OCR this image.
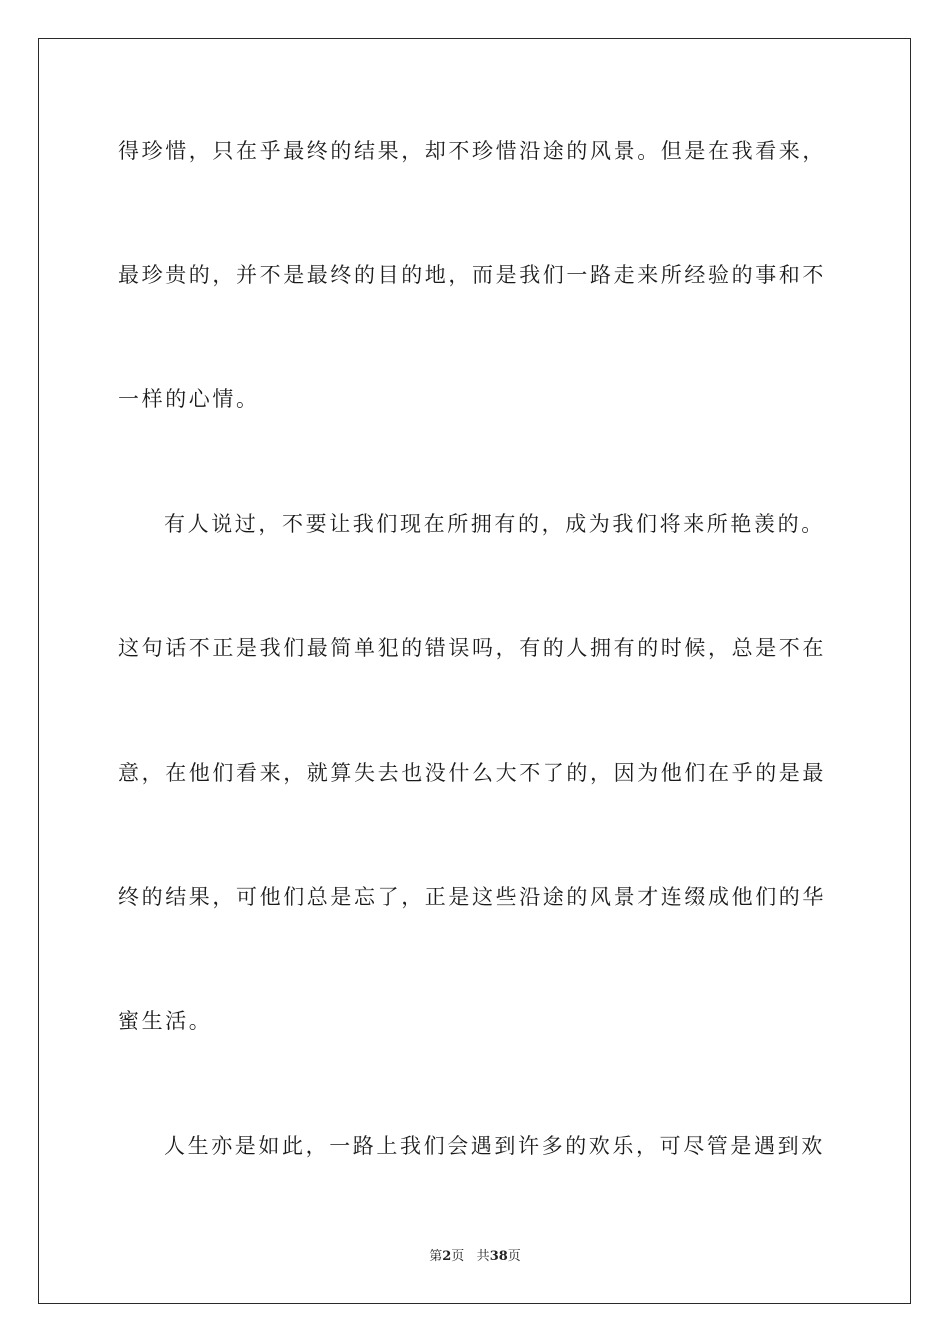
得珍惜，只在乎最终的结果，却不珍惜沿途的风景。但是在我看来，
最珍贵的，并不是最终的目的地，而是我们一路走来所经验的事和不
一样的心情。
有人说过，不要让我们现在所拥有的，成为我们将来所艳羡的。
这句话不正是我们最简单犯的错误吗，有的人拥有的时候，总是不在
意，在他们看来，就算失去也没什么大不了的，因为他们在乎的是最
终的结果，可他们总是忘了，正是这些沿途的风景才连缀成他们的华
蜜生活。
人生亦是如此，一路上我们会遇到许多的欢乐，可尽管是遇到欢
第2页 共38页
